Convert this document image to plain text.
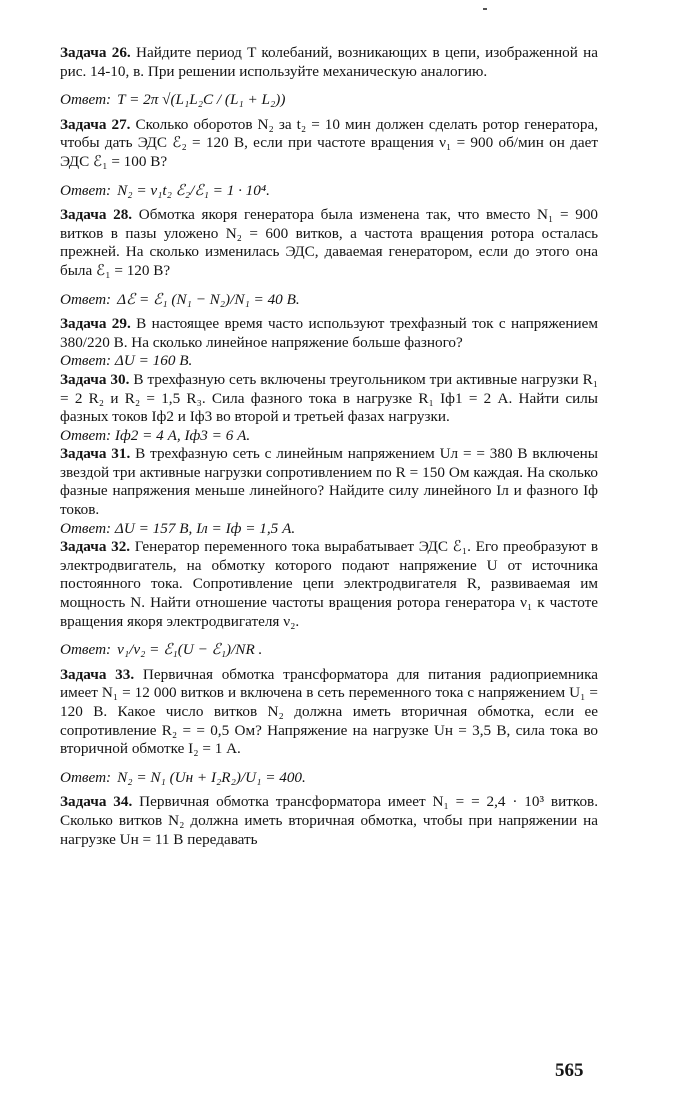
Задача 26. Найдите период T колебаний, возникающих в цепи, изображенной на рис. 14-10, в. При решении используйте механическую аналогию.

Ответ: T = 2π √(L₁L₂C / (L₁ + L₂))

Задача 27. Сколько оборотов N₂ за t₂ = 10 мин должен сделать ротор генератора, чтобы дать ЭДС ℰ₂ = 120 В, если при частоте вращения ν₁ = 900 об/мин он дает ЭДС ℰ₁ = 100 В?

Ответ: N₂ = ν₁t₂ ℰ₂/ℰ₁ = 1 · 10⁴.

Задача 28. Обмотка якоря генератора была изменена так, что вместо N₁ = 900 витков в пазы уложено N₂ = 600 витков, а частота вращения ротора осталась прежней. На сколько изменилась ЭДС, даваемая генератором, если до этого она была ℰ₁ = 120 В?

Ответ: Δℰ = ℰ₁ (N₁ − N₂)/N₁ = 40 В.

Задача 29. В настоящее время часто используют трехфазный ток с напряжением 380/220 В. На сколько линейное напряжение больше фазного?

Ответ: ΔU = 160 В.

Задача 30. В трехфазную сеть включены треугольником три активные нагрузки R₁ = 2 R₂ и R₂ = 1,5 R₃. Сила фазного тока в нагрузке R₁ Iф1 = 2 А. Найти силы фазных токов Iф2 и Iф3 во второй и третьей фазах нагрузки.

Ответ: Iф2 = 4 А, Iф3 = 6 А.

Задача 31. В трехфазную сеть с линейным напряжением Uл = = 380 В включены звездой три активные нагрузки сопротивлением по R = 150 Ом каждая. На сколько фазные напряжения меньше линейного? Найдите силу линейного Iл и фазного Iф токов.

Ответ: ΔU = 157 В, Iл = Iф = 1,5 А.

Задача 32. Генератор переменного тока вырабатывает ЭДС ℰ₁. Его преобразуют в электродвигатель, на обмотку которого подают напряжение U от источника постоянного тока. Сопротивление цепи электродвигателя R, развиваемая им мощность N. Найти отношение частоты вращения ротора генератора ν₁ к частоте вращения якоря электродвигателя ν₂.

Ответ: ν₁/ν₂ = ℰ₁(U − ℰ₁)/NR .

Задача 33. Первичная обмотка трансформатора для питания радиоприемника имеет N₁ = 12 000 витков и включена в сеть переменного тока с напряжением U₁ = 120 В. Какое число витков N₂ должна иметь вторичная обмотка, если ее сопротивление R₂ = = 0,5 Ом? Напряжение на нагрузке Uн = 3,5 В, сила тока во вторичной обмотке I₂ = 1 А.

Ответ: N₂ = N₁ (Uн + I₂R₂)/U₁ = 400.

Задача 34. Первичная обмотка трансформатора имеет N₁ = = 2,4 · 10³ витков. Сколько витков N₂ должна иметь вторичная обмотка, чтобы при напряжении на нагрузке Uн = 11 В передавать

565
